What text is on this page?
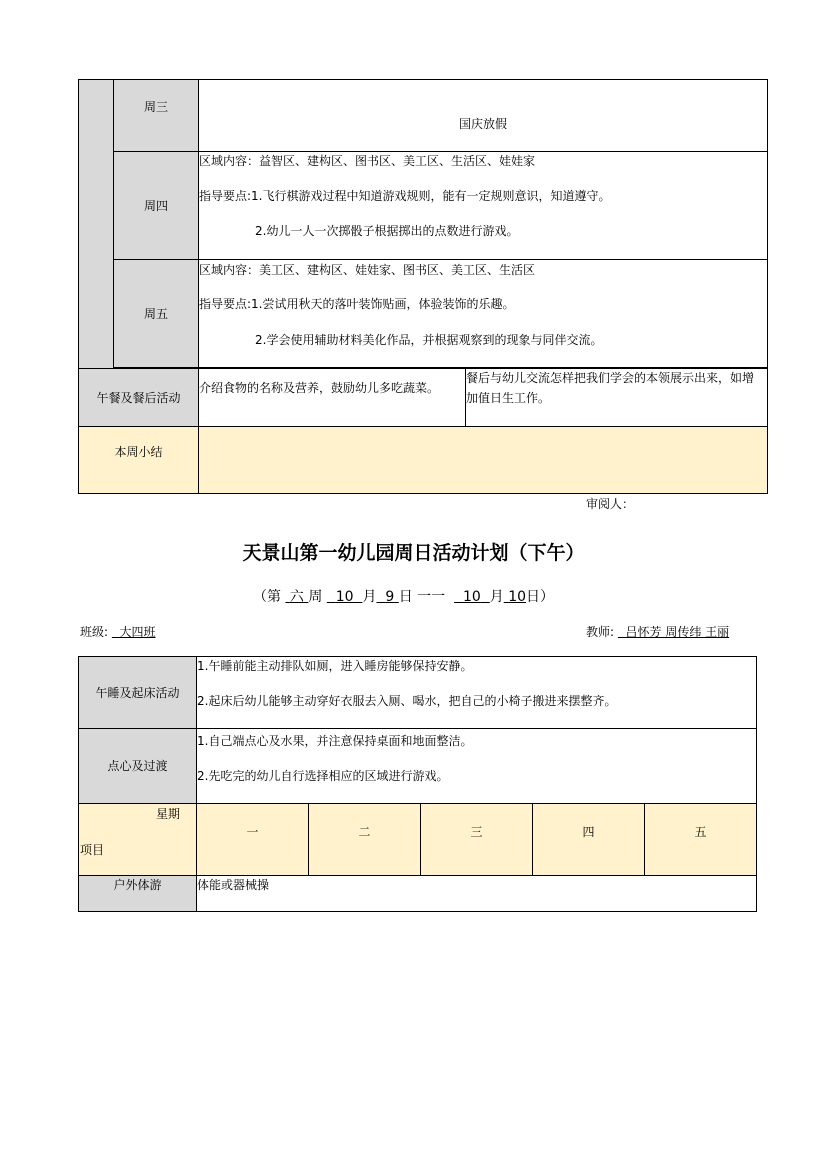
	周三	国庆放假	
	周四	区域内容：益智区、建构区、图书区、美工区、生活区、娃娃家
指导要点:1.飞行棋游戏过程中知道游戏规则，能有一定规则意识，知道遵守。
2.幼儿一人一次掷骰子根据掷出的点数进行游戏。	

	周五	区域内容：美工区、建构区、娃娃家、图书区、美工区、生活区
指导要点:1.尝试用秋天的落叶装饰贴画，体验装饰的乐趣。
2.学会使用辅助材料美化作品，并根据观察到的现象与同伴交流。	

午餐及餐后活动		介绍食物的名称及营养，鼓励幼儿多吃蔬菜。	餐后与幼儿交流怎样把我们学会的本领展示出来，如增
加值日生工作。

本周小结			
审阅人：
天景山第一幼儿园周日活动计划（下午）
（第 六 周 10 月 9 日 一一 10 月 10日）
班级: 大四班	教师: 吕怀芳 周传纬 王丽
午睡及起床活动	1.午睡前能主动排队如厕，进入睡房能够保持安静。
2.起床后幼儿能够主动穿好衣服去入厕、喝水，把自己的小椅子搬进来摆整齐。				

点心及过渡	1.自己端点心及水果，并注意保持桌面和地面整洁。
2.先吃完的幼儿自行选择相应的区域进行游戏。				

星期
项目	一	二	三	四	五
户外体游	体能或器械操				
